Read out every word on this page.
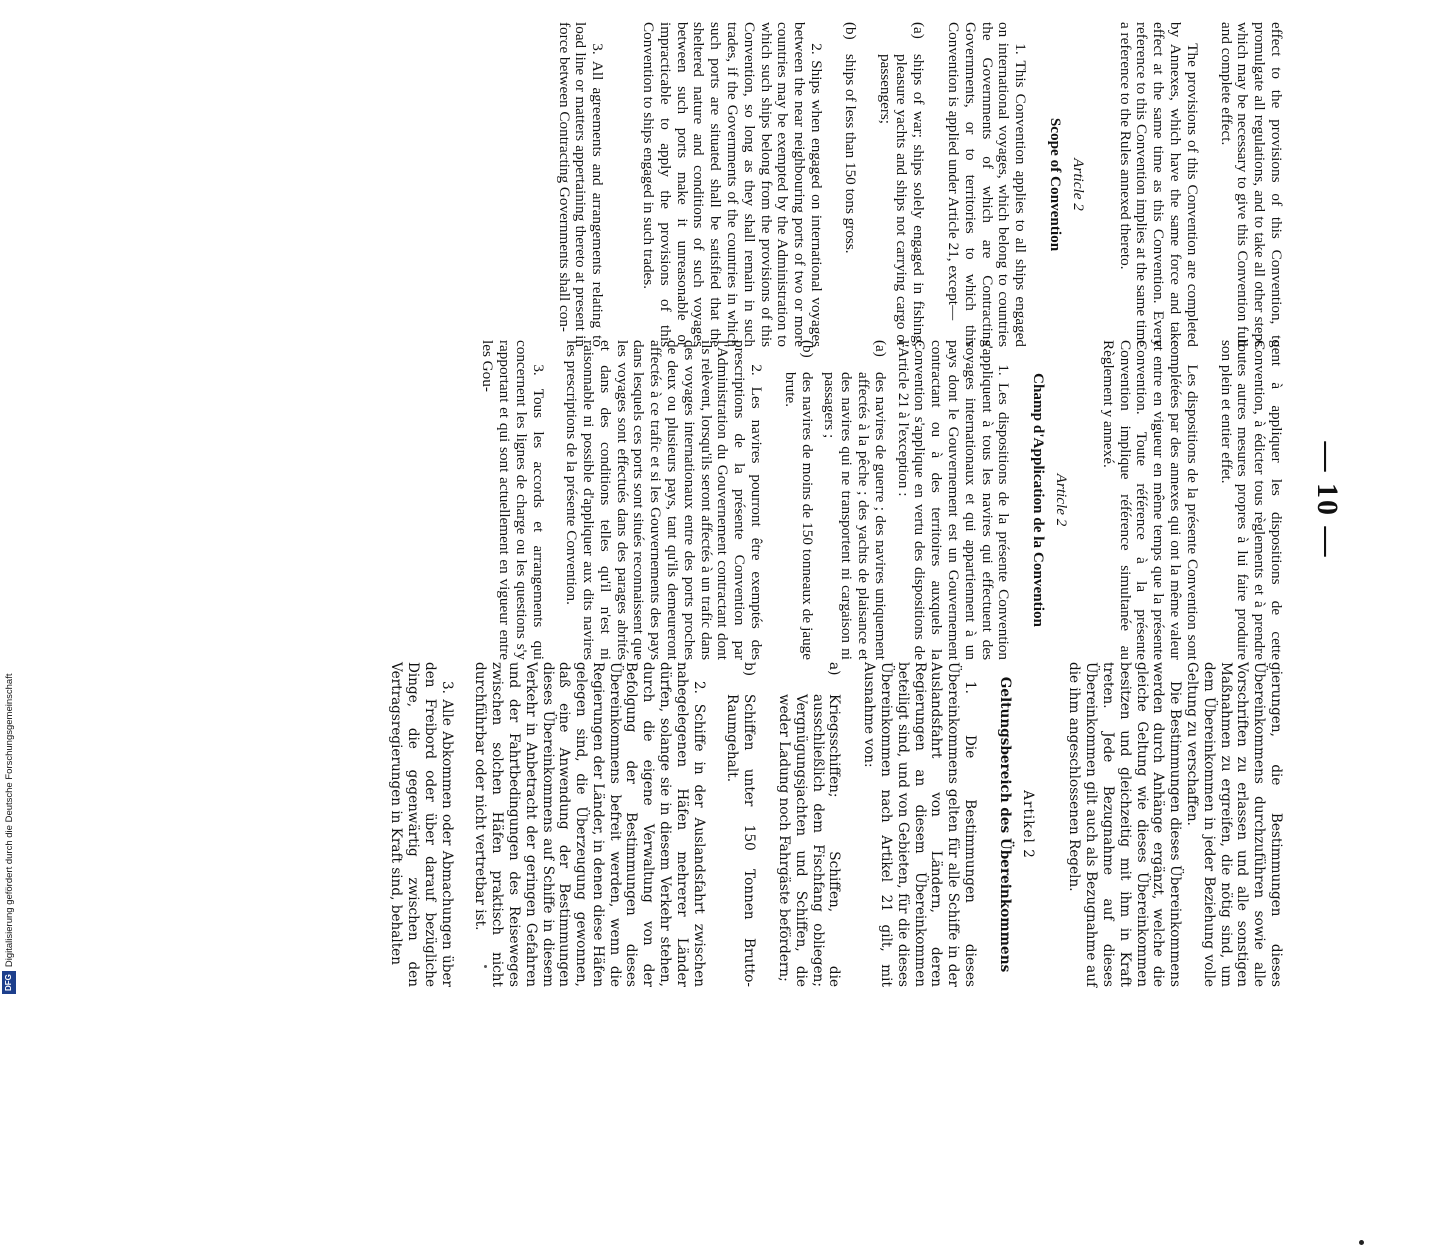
— 10 —

effect to the provisions of this Convention, to promulgate all regulations, and to take all other steps which may be necessary to give this Convention full and complete effect.

The provisions of this Convention are completed by Annexes, which have the same force and take effect at the same time as this Convention. Every reference to this Convention implies at the same time a reference to the Rules annexed thereto.

Article 2

Scope of Convention

1. This Convention applies to all ships engaged on international voyages, which belong to countries the Governments of which are Contracting Governments, or to territories to which this Convention is applied under Article 21, except—

(a)
ships of war; ships solely engaged in fishing; pleasure yachts and ships not carrying cargo or passengers;
(b)
ships of less than 150 tons gross.

2. Ships when engaged on international voyages between the near neighbouring ports of two or more countries may be exempted by the Administration to which such ships belong from the provisions of this Convention, so long as they shall remain in such trades, if the Governments of the countries in which such ports are situated shall be satisfied that the sheltered nature and conditions of such voyages between such ports make it unreasonable or impracticable to apply the provisions of this Convention to ships engaged in such trades.

3. All agreements and arrangements relating to load line or matters appertaining thereto at present in force between Contracting Governments shall con-

gent à appliquer les dispositions de cette Convention, à édicter tous règlements et à prendre toutes autres mesures propres à lui faire produire son plein et entier effet.

Les dispositions de la présente Convention sont complétées par des annexes qui ont la même valeur et entre en vigueur en même temps que la présente Convention. Toute référence à la présente Convention implique référence simultanée au Règlement y annexé.

Article 2

Champ d'Application de la Convention

1. Les dispositions de la présente Convention s'appliquent à tous les navires qui effectuent des voyages internationaux et qui appartiennent à un pays dont le Gouvernement est un Gouvernement contractant ou à des territoires auxquels la Convention s'applique en vertu des dispositions de l'Article 21 à l'exception :

(a)
des navires de guerre ; des navires uniquement affectés à la pêche ; des yachts de plaisance et des navires qui ne transportent ni cargaison ni passagers ;
(b)
des navires de moins de 150 tonneaux de jauge brute.

2. Les navires pourront être exemptés des prescriptions de la présente Convention par l'Administration du Gouvernement contractant dont ils relèvent, lorsqu'ils seront affectés à un trafic dans des voyages internationaux entre des ports proches de deux ou plusieurs pays, tant qu'ils demeureront affectés à ce trafic et si les Gouvernements des pays dans lesquels ces ports sont situés reconnaissent que les voyages sont effectués dans des parages abrités et dans des conditions telles qu'il n'est ni raisonnable ni possible d'appliquer aux dits navires les prescriptions de la présente Convention.

3. Tous les accords et arrangements qui concernent les lignes de charge ou les questions s'y rapportant et qui sont actuellement en vigueur entre les Gou-

gierungen, die Bestimmungen dieses Übereinkommens durchzuführen sowie alle Vorschriften zu erlassen und alle sonstigen Maßnahmen zu ergreifen, die nötig sind, um dem Übereinkommen in jeder Beziehung volle Geltung zu verschaffen.

Die Bestimmungen dieses Übereinkommens werden durch Anhänge ergänzt, welche die gleiche Geltung wie dieses Übereinkommen besitzen und gleichzeitig mit ihm in Kraft treten. Jede Bezugnahme auf dieses Übereinkommen gilt auch als Bezugnahme auf die ihm angeschlossenen Regeln.

Artikel 2

Geltungsbereich des Übereinkommens

1. Die Bestimmungen dieses Übereinkommens gelten für alle Schiffe in der Auslandsfahrt von Ländern, deren Regierungen an diesem Übereinkommen beteiligt sind, und von Gebieten, für die dieses Übereinkommen nach Artikel 21 gilt, mit Ausnahme von:

a)
Kriegsschiffen; Schiffen, die ausschließlich dem Fischfang obliegen; Vergnügungsjachten und Schiffen, die weder Ladung noch Fahrgäste befördern;
b)
Schiffen unter 150 Tonnen Brutto-Raumgehalt.

2. Schiffe in der Auslandsfahrt zwischen nahegelegenen Häfen mehrerer Länder dürfen, solange sie in diesem Verkehr stehen, durch die eigene Verwaltung von der Befolgung der Bestimmungen dieses Übereinkommens befreit werden, wenn die Regierungen der Länder, in denen diese Häfen gelegen sind, die Überzeugung gewonnen, daß eine Anwendung der Bestimmungen dieses Übereinkommens auf Schiffe in diesem Verkehr in Anbetracht der geringen Gefahren und der Fahrtbedingungen des Reiseweges zwischen solchen Häfen praktisch nicht durchführbar oder nicht vertretbar ist.

3. Alle Abkommen oder Abmachungen über den Freibord oder über darauf bezügliche Dinge, die gegenwärtig zwischen den Vertragsregierungen in Kraft sind, behalten

DFG
Digitalisierung gefördert durch die Deutsche Forschungsgemeinschaft
